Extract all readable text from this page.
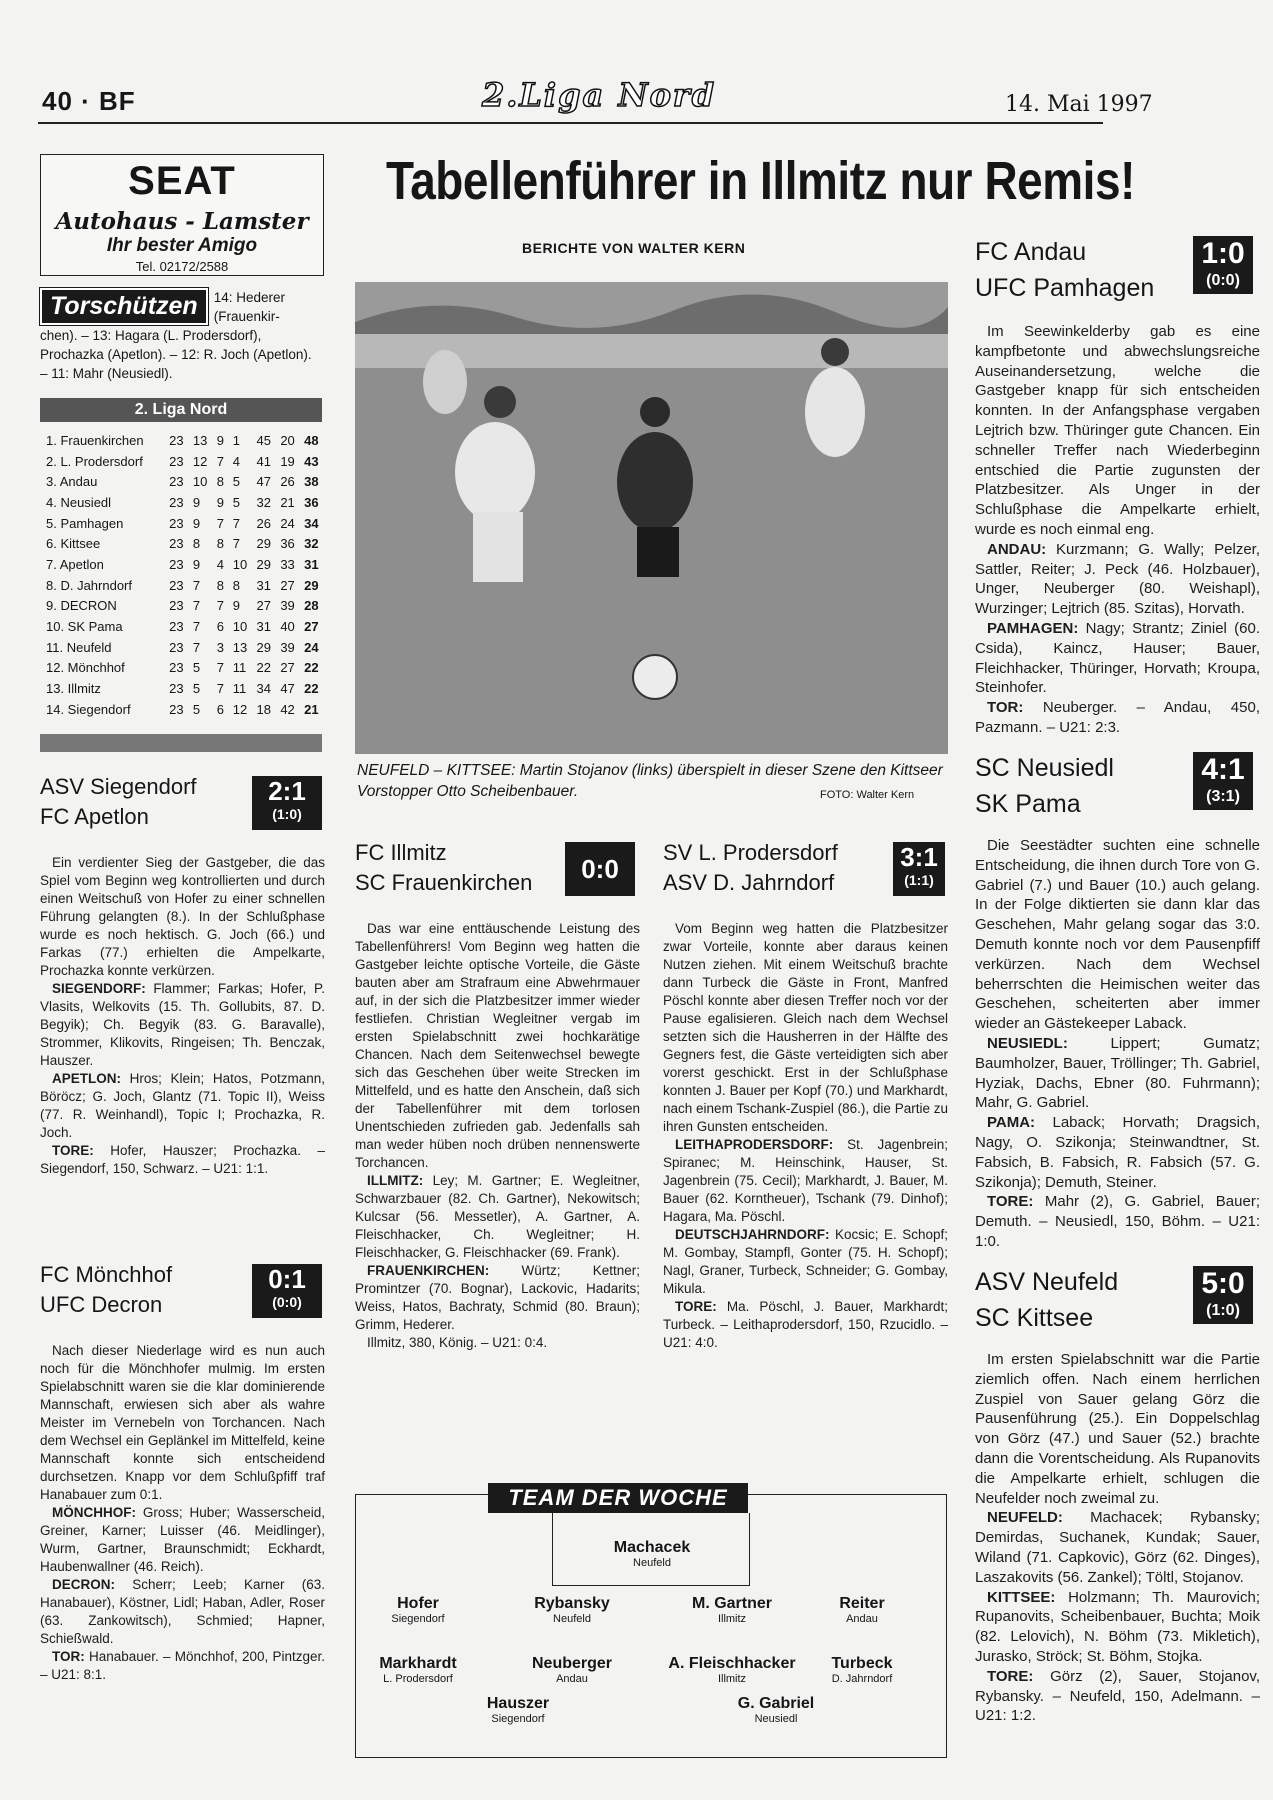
40 · BF	2.Liga Nord	14. Mai 1997
SEAT
Autohaus - Lamster
Ihr bester Amigo
Tel. 02172/2588
Torschützen	14: Hederer (Frauenkir-
chen). – 13: Hagara (L. Prodersdorf), Prochazka (Apetlon). – 12: R. Joch (Apetlon). – 11: Mahr (Neusiedl).
2. Liga Nord
1. Frauenkirchen	23	13	9	1	45	20	48
2. L. Prodersdorf	23	12	7	4	41	19	43
3. Andau	23	10	8	5	47	26	38
4. Neusiedl	23	9	9	5	32	21	36
5. Pamhagen	23	9	7	7	26	24	34
6. Kittsee	23	8	8	7	29	36	32
7. Apetlon	23	9	4	10	29	33	31
8. D. Jahrndorf	23	7	8	8	31	27	29
9. DECRON	23	7	7	9	27	39	28
10. SK Pama	23	7	6	10	31	40	27
11. Neufeld	23	7	3	13	29	39	24
12. Mönchhof	23	5	7	11	22	27	22
13. Illmitz	23	5	7	11	34	47	22
14. Siegendorf	23	5	6	12	18	42	21
ASV Siegendorf
FC Apetlon
2:1
(1:0)

Ein verdienter Sieg der Gastgeber, die das Spiel vom Beginn weg kontrollierten und durch einen Weitschuß von Hofer zu einer schnellen Führung gelangten (8.). In der Schlußphase wurde es noch hektisch. G. Joch (66.) und Farkas (77.) erhielten die Ampelkarte, Prochazka konnte verkürzen.

SIEGENDORF: Flammer; Farkas; Hofer, P. Vlasits, Welkovits (15. Th. Gollubits, 87. D. Begyik); Ch. Begyik (83. G. Baravalle), Strommer, Klikovits, Ringeisen; Th. Benczak, Hauszer.

APETLON: Hros; Klein; Hatos, Potzmann, Böröcz; G. Joch, Glantz (71. Topic II), Weiss (77. R. Weinhandl), Topic I; Prochazka, R. Joch.

TORE: Hofer, Hauszer; Prochazka. – Siegendorf, 150, Schwarz. – U21: 1:1.

FC Mönchhof
UFC Decron
0:1
(0:0)

Nach dieser Niederlage wird es nun auch noch für die Mönchhofer mulmig. Im ersten Spielabschnitt waren sie die klar dominierende Mannschaft, erwiesen sich aber als wahre Meister im Vernebeln von Torchancen. Nach dem Wechsel ein Geplänkel im Mittelfeld, keine Mannschaft konnte sich entscheidend durchsetzen. Knapp vor dem Schlußpfiff traf Hanabauer zum 0:1.

MÖNCHHOF: Gross; Huber; Wasserscheid, Greiner, Karner; Luisser (46. Meidlinger), Wurm, Gartner, Braunschmidt; Eckhardt, Haubenwallner (46. Reich).

DECRON: Scherr; Leeb; Karner (63. Hanabauer), Köstner, Lidl; Haban, Adler, Roser (63. Zankowitsch), Schmied; Hapner, Schießwald.

TOR: Hanabauer. – Mönchhof, 200, Pintzger. – U21: 8:1.

Tabellenführer in Illmitz nur Remis!
BERICHTE VON WALTER KERN
NEUFELD – KITTSEE: Martin Stojanov (links) überspielt in dieser Szene den Kittseer Vorstopper Otto Scheibenbauer.	FOTO: Walter Kern
FC Illmitz
SC Frauenkirchen	0:0

Das war eine enttäuschende Leistung des Tabellenführers! Vom Beginn weg hatten die Gastgeber leichte optische Vorteile, die Gäste bauten aber am Strafraum eine Abwehrmauer auf, in der sich die Platzbesitzer immer wieder festliefen. Christian Wegleitner vergab im ersten Spielabschnitt zwei hochkarätige Chancen. Nach dem Seitenwechsel bewegte sich das Geschehen über weite Strecken im Mittelfeld, und es hatte den Anschein, daß sich der Tabellenführer mit dem torlosen Unentschieden zufrieden gab. Jedenfalls sah man weder hüben noch drüben nennenswerte Torchancen.

ILLMITZ: Ley; M. Gartner; E. Wegleitner, Schwarzbauer (82. Ch. Gartner), Nekowitsch; Kulcsar (56. Messetler), A. Gartner, A. Fleischhacker, Ch. Wegleitner; H. Fleischhacker, G. Fleischhacker (69. Frank).

FRAUENKIRCHEN: Würtz; Kettner; Promintzer (70. Bognar), Lackovic, Hadarits; Weiss, Hatos, Bachraty, Schmid (80. Braun); Grimm, Hederer.

Illmitz, 380, König. – U21: 0:4.

SV L. Prodersdorf
ASV D. Jahrndorf
3:1
(1:1)

Vom Beginn weg hatten die Platzbesitzer zwar Vorteile, konnte aber daraus keinen Nutzen ziehen. Mit einem Weitschuß brachte dann Turbeck die Gäste in Front, Manfred Pöschl konnte aber diesen Treffer noch vor der Pause egalisieren. Gleich nach dem Wechsel setzten sich die Hausherren in der Hälfte des Gegners fest, die Gäste verteidigten sich aber vorerst geschickt. Erst in der Schlußphase konnten J. Bauer per Kopf (70.) und Markhardt, nach einem Tschank-Zuspiel (86.), die Partie zu ihren Gunsten entscheiden.

LEITHAPRODERSDORF: St. Jagenbrein; Spiranec; M. Heinschink, Hauser, St. Jagenbrein (75. Cecil); Markhardt, J. Bauer, M. Bauer (62. Korntheuer), Tschank (79. Dinhof); Hagara, Ma. Pöschl.

DEUTSCHJAHRNDORF: Kocsic; E. Schopf; M. Gombay, Stampfl, Gonter (75. H. Schopf); Nagl, Graner, Turbeck, Schneider; G. Gombay, Mikula.

TORE: Ma. Pöschl, J. Bauer, Markhardt; Turbeck. – Leithaprodersdorf, 150, Rzucidlo. – U21: 4:0.

TEAM DER WOCHE
Machacek
Neufeld
Hofer
Siegendorf
Rybansky
Neufeld
M. Gartner
Illmitz
Reiter
Andau
Markhardt
L. Prodersdorf
Neuberger
Andau
A. Fleischhacker
Illmitz
Turbeck
D. Jahrndorf
Hauszer
Siegendorf
G. Gabriel
Neusiedl
FC Andau
UFC Pamhagen
1:0
(0:0)

Im Seewinkelderby gab es eine kampfbetonte und abwechslungsreiche Auseinandersetzung, welche die Gastgeber knapp für sich entscheiden konnten. In der Anfangsphase vergaben Lejtrich bzw. Thüringer gute Chancen. Ein schneller Treffer nach Wiederbeginn entschied die Partie zugunsten der Platzbesitzer. Als Unger in der Schlußphase die Ampelkarte erhielt, wurde es noch einmal eng.

ANDAU: Kurzmann; G. Wally; Pelzer, Sattler, Reiter; J. Peck (46. Holzbauer), Unger, Neuberger (80. Weishapl), Wurzinger; Lejtrich (85. Szitas), Horvath.

PAMHAGEN: Nagy; Strantz; Ziniel (60. Csida), Kaincz, Hauser; Bauer, Fleichhacker, Thüringer, Horvath; Kroupa, Steinhofer.

TOR: Neuberger. – Andau, 450, Pazmann. – U21: 2:3.

SC Neusiedl
SK Pama
4:1
(3:1)

Die Seestädter suchten eine schnelle Entscheidung, die ihnen durch Tore von G. Gabriel (7.) und Bauer (10.) auch gelang. In der Folge diktierten sie dann klar das Geschehen, Mahr gelang sogar das 3:0. Demuth konnte noch vor dem Pausenpfiff verkürzen. Nach dem Wechsel beherrschten die Heimischen weiter das Geschehen, scheiterten aber immer wieder an Gästekeeper Laback.

NEUSIEDL: Lippert; Gumatz; Baumholzer, Bauer, Tröllinger; Th. Gabriel, Hyziak, Dachs, Ebner (80. Fuhrmann); Mahr, G. Gabriel.

PAMA: Laback; Horvath; Dragsich, Nagy, O. Szikonja; Steinwandtner, St. Fabsich, B. Fabsich, R. Fabsich (57. G. Szikonja); Demuth, Steiner.

TORE: Mahr (2), G. Gabriel, Bauer; Demuth. – Neusiedl, 150, Böhm. – U21: 1:0.

ASV Neufeld
SC Kittsee
5:0
(1:0)

Im ersten Spielabschnitt war die Partie ziemlich offen. Nach einem herrlichen Zuspiel von Sauer gelang Görz die Pausenführung (25.). Ein Doppelschlag von Görz (47.) und Sauer (52.) brachte dann die Vorentscheidung. Als Rupanovits die Ampelkarte erhielt, schlugen die Neufelder noch zweimal zu.

NEUFELD: Machacek; Rybansky; Demirdas, Suchanek, Kundak; Sauer, Wiland (71. Capkovic), Görz (62. Dinges), Laszakovits (56. Zankel); Töltl, Stojanov.

KITTSEE: Holzmann; Th. Maurovich; Rupanovits, Scheibenbauer, Buchta; Moik (82. Lelovich), N. Böhm (73. Mikletich), Jurasko, Ströck; St. Böhm, Stojka.

TORE: Görz (2), Sauer, Stojanov, Rybansky. – Neufeld, 150, Adelmann. – U21: 1:2.
